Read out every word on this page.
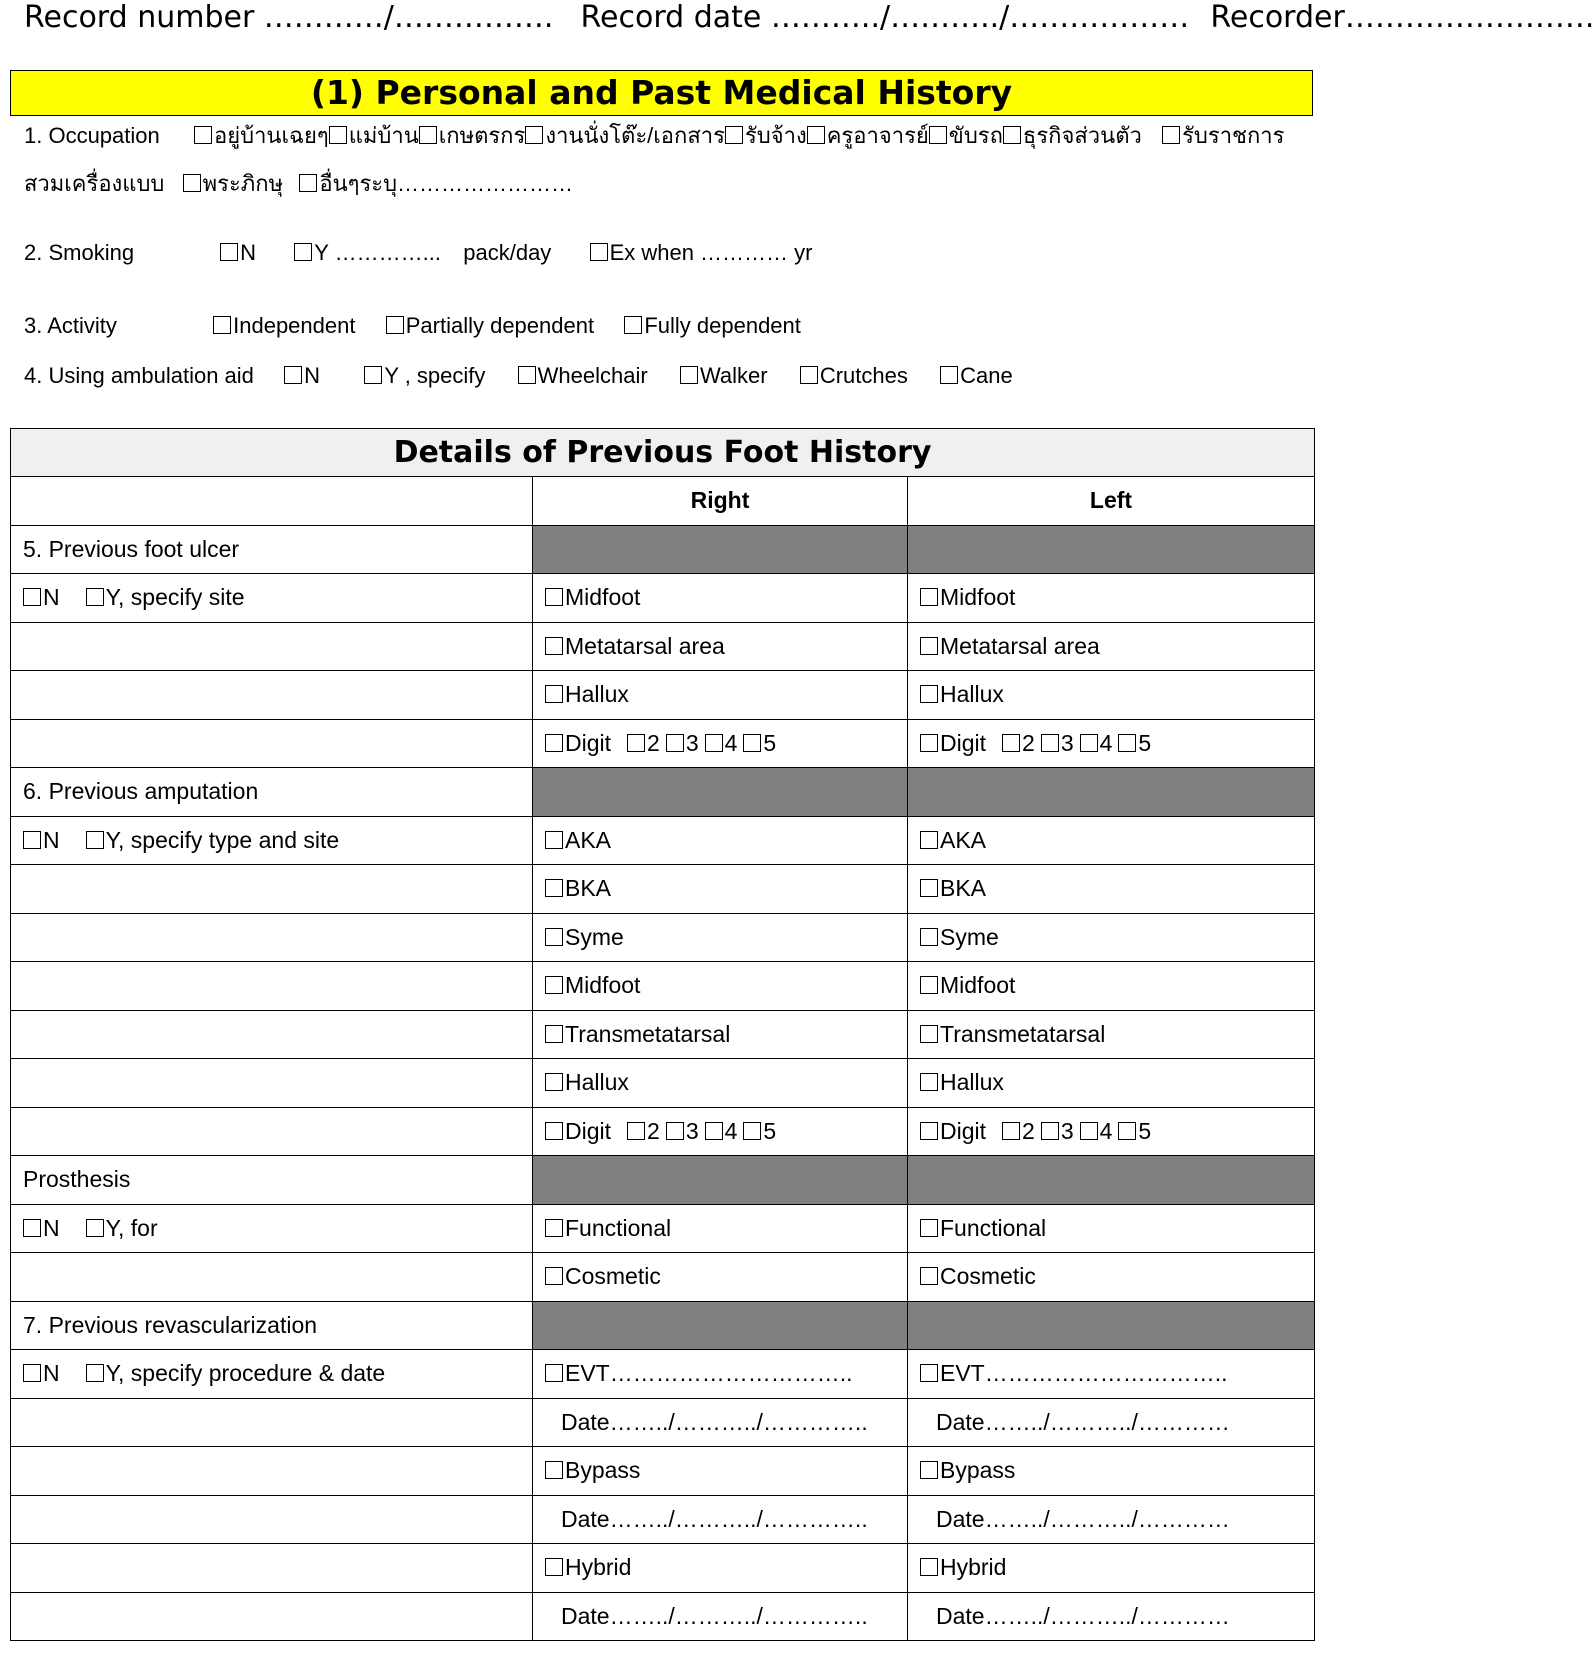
Record number …………/……………. Record date ………../………../……………… Recorder…………………….
(1) Personal and Past Medical History
1. Occupation อยู่บ้านเฉยๆ แม่บ้าน เกษตรกร งานนั่งโต๊ะ/เอกสาร รับจ้าง ครูอาจารย์ ขับรถ ธุรกิจส่วนตัว รับราชการ
สวมเครื่องแบบ พระภิกษุ อื่นๆระบุ……………………
2. Smoking	N	Y …………... pack/day	Ex when ………… yr
3. Activity	Independent Partially dependent Fully dependent
4. Using ambulation aid N	Y , specify Wheelchair Walker Crutches Cane
Details of Previous Foot History		
	Right	Left
5. Previous foot ulcer		
N Y, specify site	Midfoot	Midfoot
	Metatarsal area	Metatarsal area
	Hallux	Hallux
	Digit 2 3 4 5	Digit 2 3 4 5
6. Previous amputation		
N Y, specify type and site	AKA	AKA
	BKA	BKA
	Syme	Syme
	Midfoot	Midfoot
	Transmetatarsal	Transmetatarsal
	Hallux	Hallux
	Digit 2 3 4 5	Digit 2 3 4 5
Prosthesis		
N Y, for	Functional	Functional
	Cosmetic	Cosmetic
7. Previous revascularization		
N Y, specify procedure & date	EVT…………………………..	EVT…………………………..
	Date……../………../…………..	Date……../………../…………
	Bypass	Bypass
	Date……../………../…………..	Date……../………../…………
	Hybrid	Hybrid
	Date……../………../…………..	Date……../………../…………
